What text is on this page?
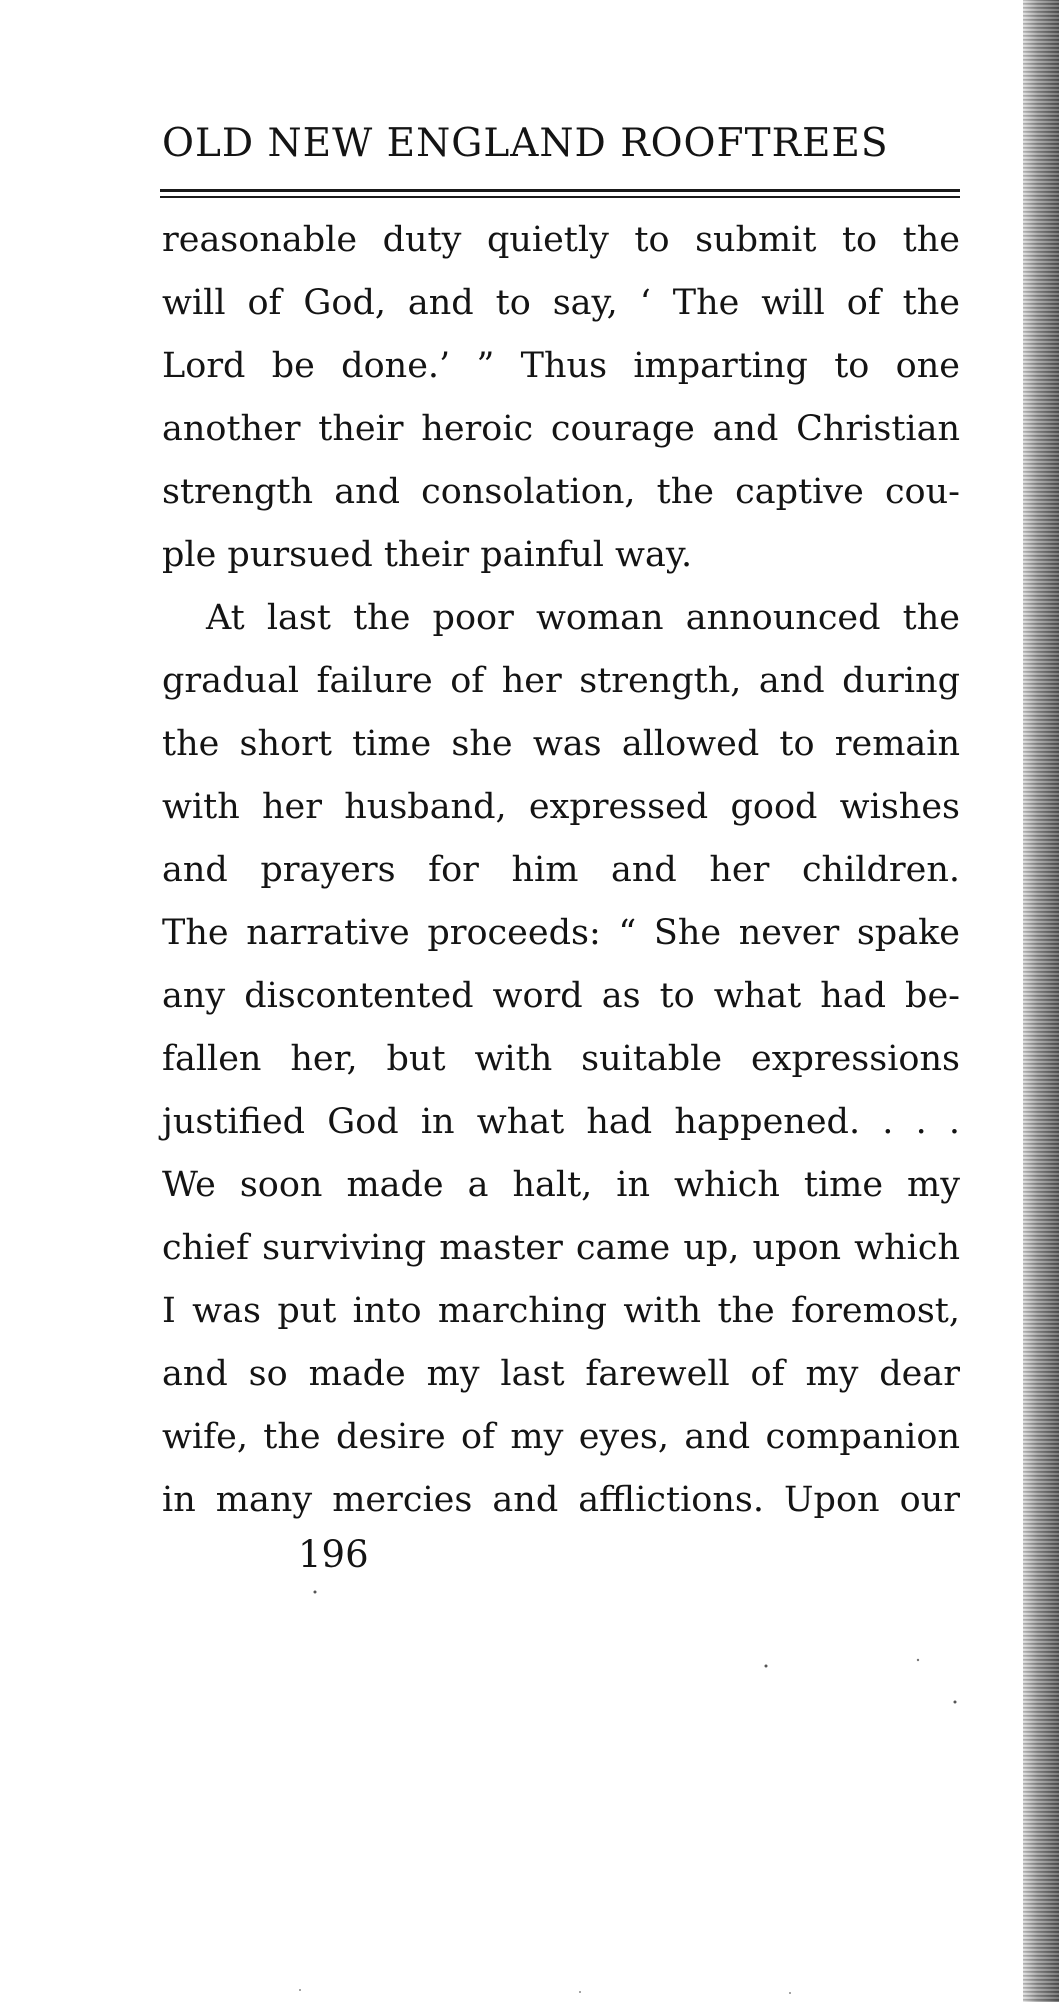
OLD NEW ENGLAND ROOFTREES
reasonable duty quietly to submit to the
will of God, and to say, ‘ The will of the
Lord be done.’ ” Thus imparting to one
another their heroic courage and Christian
strength and consolation, the captive cou-
ple pursued their painful way.
At last the poor woman announced the
gradual failure of her strength, and during
the short time she was allowed to remain
with her husband, expressed good wishes
and prayers for him and her children.
The narrative proceeds: “ She never spake
any discontented word as to what had be-
fallen her, but with suitable expressions
justified God in what had happened. . . .
We soon made a halt, in which time my
chief surviving master came up, upon which
I was put into marching with the foremost,
and so made my last farewell of my dear
wife, the desire of my eyes, and companion
in many mercies and afflictions. Upon our
196
